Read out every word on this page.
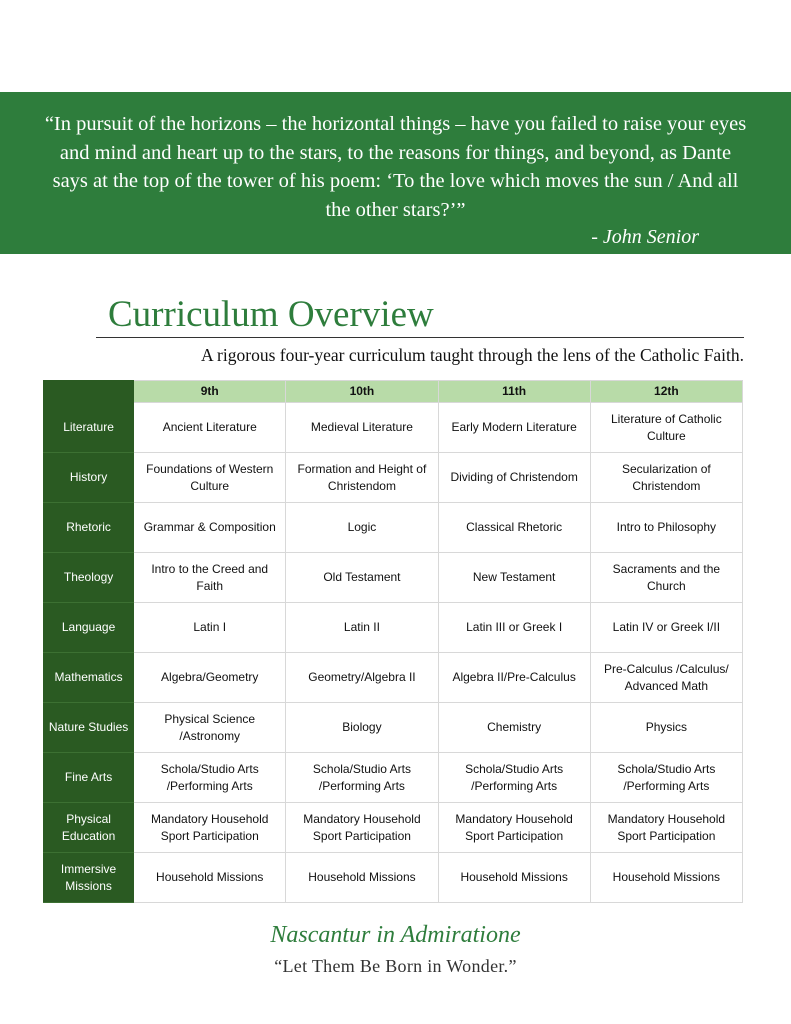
“In pursuit of the horizons – the horizontal things – have you failed to raise your eyes and mind and heart up to the stars, to the reasons for things, and beyond, as Dante says at the top of the tower of his poem: ‘To the love which moves the sun / And all the other stars?’”

- John Senior
Curriculum Overview

A rigorous four-year curriculum taught through the lens of the Catholic Faith.

	9th	10th	11th	12th
Literature	Ancient Literature	Medieval Literature	Early Modern Literature	Literature of Catholic Culture
History	Foundations of Western Culture	Formation and Height of Christendom	Dividing of Christendom	Secularization of Christendom
Rhetoric	Grammar & Composition	Logic	Classical Rhetoric	Intro to Philosophy
Theology	Intro to the Creed and Faith	Old Testament	New Testament	Sacraments and the Church
Language	Latin I	Latin II	Latin III or Greek I	Latin IV or Greek I/II
Mathematics	Algebra/Geometry	Geometry/Algebra II	Algebra II/Pre-Calculus	Pre-Calculus /Calculus/ Advanced Math
Nature Studies	Physical Science /Astronomy	Biology	Chemistry	Physics
Fine Arts	Schola/Studio Arts /Performing Arts	Schola/Studio Arts /Performing Arts	Schola/Studio Arts /Performing Arts	Schola/Studio Arts /Performing Arts
Physical Education	Mandatory Household Sport Participation	Mandatory Household Sport Participation	Mandatory Household Sport Participation	Mandatory Household Sport Participation
Immersive Missions	Household Missions	Household Missions	Household Missions	Household Missions

Nascantur in Admiratione

“Let Them Be Born in Wonder.”
